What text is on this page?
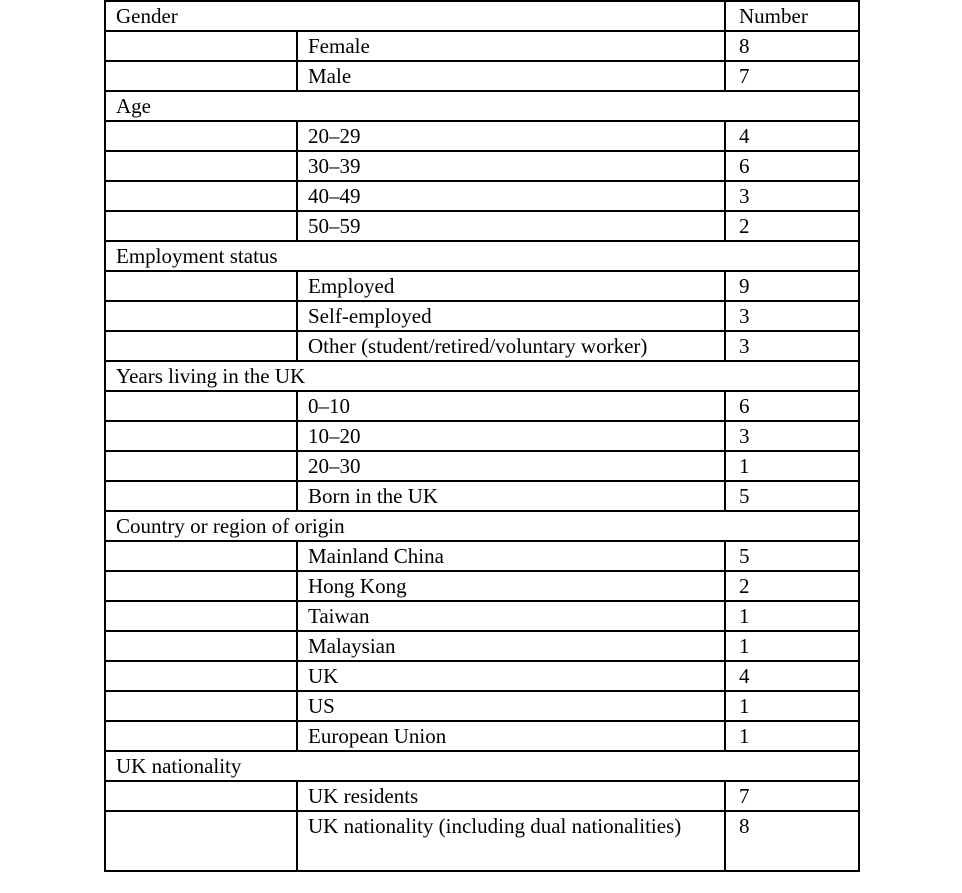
Gender		Number
	Female	8
	Male	7
Age		
	20–29	4
	30–39	6
	40–49	3
	50–59	2
Employment status		
	Employed	9
	Self-employed	3
	Other (student/retired/voluntary worker)	3
Years living in the UK		
	0–10	6
	10–20	3
	20–30	1
	Born in the UK	5
Country or region of origin		
	Mainland China	5
	Hong Kong	2
	Taiwan	1
	Malaysian	1
	UK	4
	US	1
	European Union	1
UK nationality		
	UK residents	7

	UK nationality (including dual nationalities)	8
